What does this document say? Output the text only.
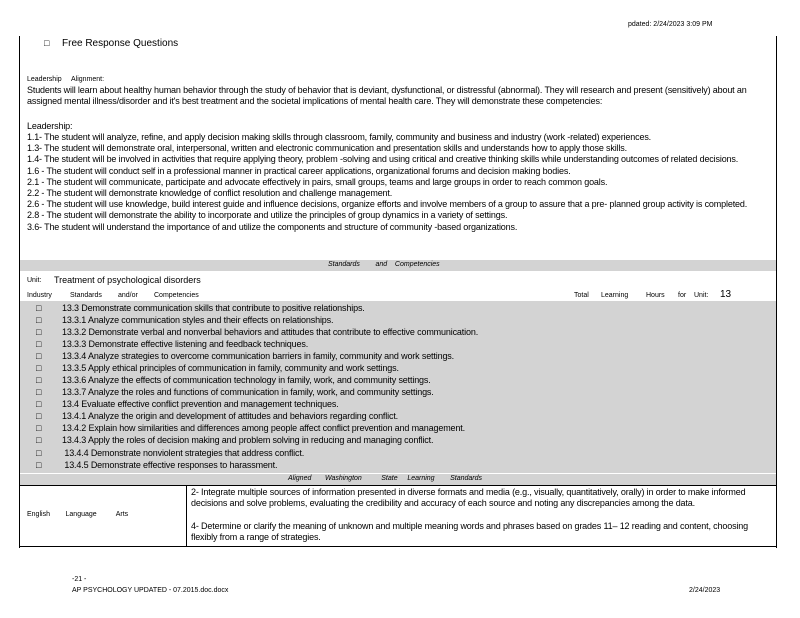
pdated: 2/24/2023 3:09 PM
□ Free Response Questions
Leadership     Alignment:
Students will learn about healthy human behavior through the study of behavior that is deviant, dysfunctional, or distressful (abnormal). They will research and present (sensitively) about an assigned mental illness/disorder and it's best treatment and the societal implications of mental health care. They will demonstrate these competencies:
Leadership:
1.1- The student will analyze, refine, and apply decision making skills through classroom, family, community and business and industry (work -related) experiences.
1.3- The student will demonstrate oral, interpersonal, written and electronic communication and presentation skills and understands how to apply those skills.
1.4- The student will be involved in activities that require applying theory, problem -solving and using critical and creative thinking skills while understanding outcomes of related decisions.
1.6 - The student will conduct self in a professional manner in practical career applications, organizational forums and decision making bodies.
2.1 - The student will communicate, participate and advocate effectively in pairs, small groups, teams and large groups in order to reach common goals.
2.2 - The student will demonstrate knowledge of conflict resolution and challenge management.
2.6 - The student will use knowledge, build interest guide and influence decisions, organize efforts and involve members of a group to assure that a pre- planned group activity is completed.
2.8 - The student will demonstrate the ability to incorporate and utilize the principles of group dynamics in a variety of settings.
3.6- The student will understand the importance of and utilize the components and structure of community -based organizations.
Standards        and    Competencies
Unit: Treatment of psychological disorders
Industry	Standards and/or Competencies	Total Learning	Hours for Unit: 13
□ 13.3 Demonstrate communication skills that contribute to positive relationships.
□ 13.3.1 Analyze communication styles and their effects on relationships.
□ 13.3.2 Demonstrate verbal and nonverbal behaviors and attitudes that contribute to effective communication.
□ 13.3.3 Demonstrate effective listening and feedback techniques.
□ 13.3.4 Analyze strategies to overcome communication barriers in family, community and work settings.
□ 13.3.5 Apply ethical principles of communication in family, community and work settings.
□ 13.3.6 Analyze the effects of communication technology in family, work, and community settings.
□ 13.3.7 Analyze the roles and functions of communication in family, work, and community settings.
□ 13.4 Evaluate effective conflict prevention and management techniques.
□ 13.4.1 Analyze the origin and development of attitudes and behaviors regarding conflict.
□ 13.4.2 Explain how similarities and differences among people affect conflict prevention and management.
□ 13.4.3 Apply the roles of decision making and problem solving in reducing and managing conflict.
□ 13.4.4 Demonstrate nonviolent strategies that address conflict.
□ 13.4.5 Demonstrate effective responses to harassment.
Aligned       Washington          State     Learning        Standards
English        Language          Arts
2- Integrate multiple sources of information presented in diverse formats and media (e.g., visually, quantitatively, orally) in order to make informed decisions and solve problems, evaluating the credibility and accuracy of each source and noting any discrepancies among the data.
4- Determine or clarify the meaning of unknown and multiple meaning words and phrases based on grades 11– 12 reading and content, choosing flexibly from a range of strategies.
-21 -
AP PSYCHOLOGY UPDATED - 07.2015.doc.docx	2/24/2023
